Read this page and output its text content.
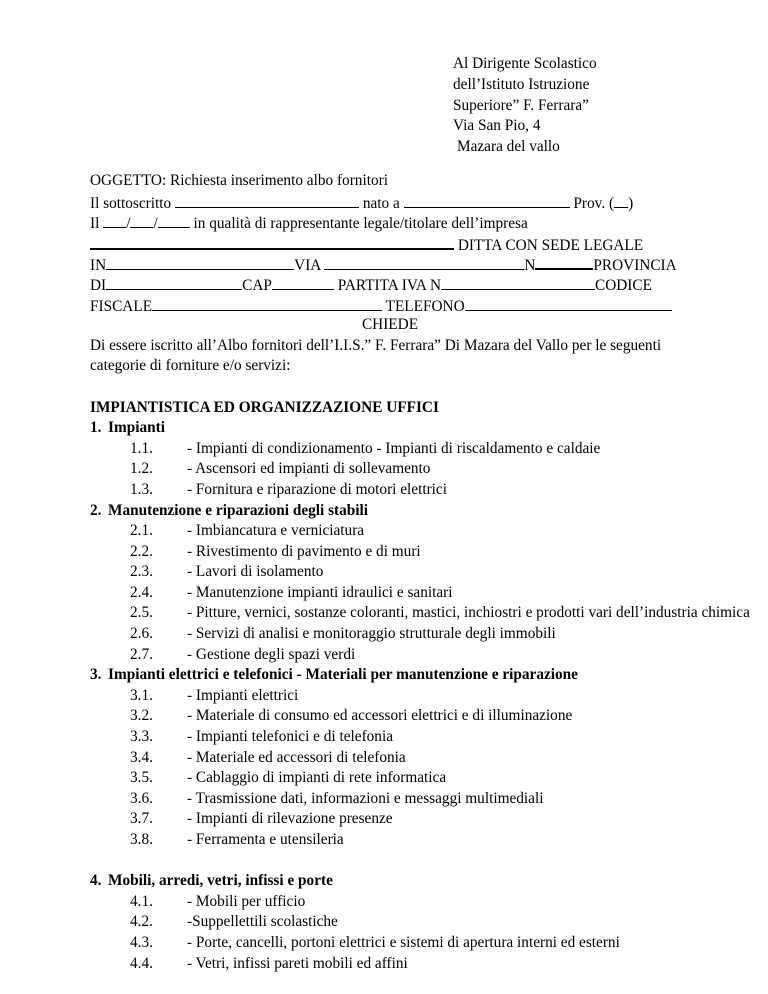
Al Dirigente Scolastico
dell’Istituto Istruzione
Superiore” F. Ferrara”
Via San Pio, 4
Mazara del vallo
OGGETTO: Richiesta inserimento albo fornitori
Il sottoscritto	nato a	Prov. ( )
Il / / in qualità di rappresentante legale/titolare dell’impresa
DITTA CON SEDE LEGALE
IN	VIA	N	PROVINCIA
DI	CAP	PARTITA IVA N	CODICE
FISCALE	TELEFONO
CHIEDE
Di essere iscritto all’Albo fornitori dell’I.I.S.” F. Ferrara” Di Mazara del Vallo per le seguenti categorie di forniture e/o servizi:
IMPIANTISTICA ED ORGANIZZAZIONE UFFICI
1. Impianti
1.1. - Impianti di condizionamento - Impianti di riscaldamento e caldaie
1.2. - Ascensori ed impianti di sollevamento
1.3. - Fornitura e riparazione di motori elettrici
2. Manutenzione e riparazioni degli stabili
2.1. - Imbiancatura e verniciatura
2.2. - Rivestimento di pavimento e di muri
2.3. - Lavori di isolamento
2.4. - Manutenzione impianti idraulici e sanitari
2.5. - Pitture, vernici, sostanze coloranti, mastici, inchiostri e prodotti vari dell’industria chimica
2.6. - Servizi di analisi e monitoraggio strutturale degli immobili
2.7. - Gestione degli spazi verdi
3. Impianti elettrici e telefonici - Materiali per manutenzione e riparazione
3.1. - Impianti elettrici
3.2. - Materiale di consumo ed accessori elettrici e di illuminazione
3.3. - Impianti telefonici e di telefonia
3.4. - Materiale ed accessori di telefonia
3.5. - Cablaggio di impianti di rete informatica
3.6. - Trasmissione dati, informazioni e messaggi multimediali
3.7. - Impianti di rilevazione presenze
3.8. - Ferramenta e utensileria
4. Mobili, arredi, vetri, infissi e porte
4.1. - Mobili per ufficio
4.2. -Suppellettili scolastiche
4.3. - Porte, cancelli, portoni elettrici e sistemi di apertura interni ed esterni
4.4. - Vetri, infissi pareti mobili ed affini
